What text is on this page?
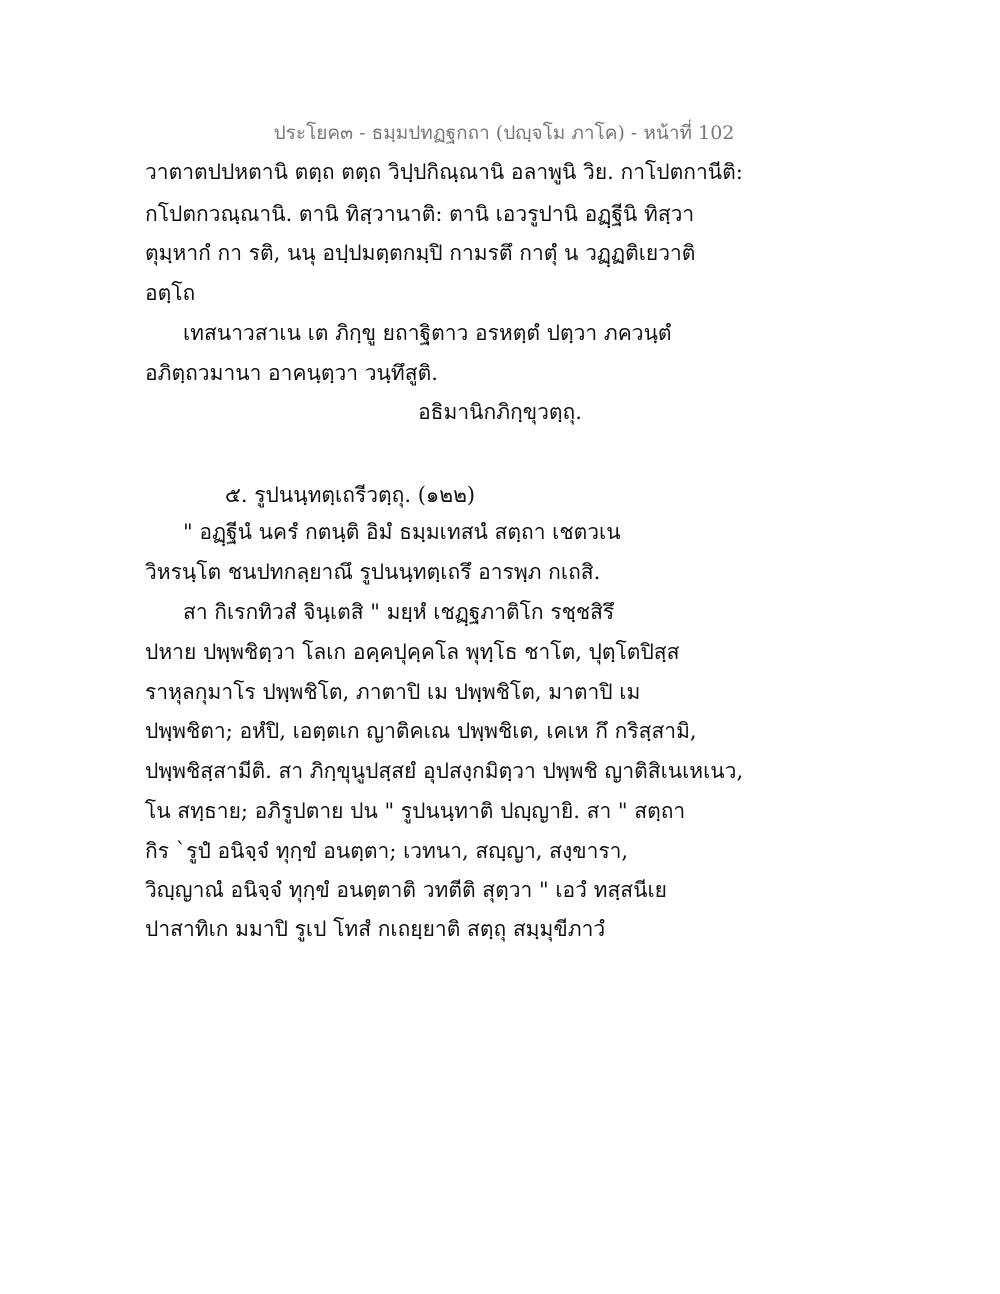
ประโยค๓ - ธมฺมปทฏฐกถา (ปญฺจโม ภาโค) - หน้าที่ 102
วาตาตปปหตานิ ตตฺถ ตตฺถ วิปฺปกิณฺณานิ อลาพูนิ วิย. กาโปตกานีติ:
กโปตกวณฺณานิ. ตานิ ทิสฺวานาติ: ตานิ เอวรูปานิ อฏฺฐีนิ ทิสฺวา
ตุมฺหากํ กา รติ, นนุ อปฺปมตฺตกมฺปิ กามรตึ กาตุํ น วฏฺฏติเยวาติ
อตฺโถ
เทสนาวสาเน เต ภิกฺขู ยถาฐิตาว อรหตฺตํ ปตฺวา ภควนฺตํ
อภิตฺถวมานา อาคนฺตฺวา วนฺทึสูติ.
อธิมานิกภิกฺขุวตฺถุ.
๕. รูปนนฺทตฺเถรีวตฺถุ. (๑๒๒)
" อฏฺฐีนํ นครํ กตนฺติ อิมํ ธมฺมเทสนํ สตฺถา เชตวเน
วิหรนฺโต ชนปทกลฺยาณึ รูปนนฺทตฺเถรึ อารพฺภ กเถสิ.
สา กิเรกทิวสํ จินฺเตสิ " มยฺหํ เชฏฺฐภาติโก รชฺชสิรึ
ปหาย ปพฺพชิตฺวา โลเก อคฺคปุคฺคโล พุทฺโธ ชาโต, ปุตฺโตปิสฺส
ราหุลกุมาโร ปพฺพชิโต, ภาตาปิ เม ปพฺพชิโต, มาตาปิ เม
ปพฺพชิตา; อหํปิ, เอตฺตเก ญาติคเณ ปพฺพชิเต, เคเห กึ กริสฺสามิ,
ปพฺพชิสฺสามีติ. สา ภิกฺขุนูปสฺสยํ อุปสงฺกมิตฺวา ปพฺพชิ ญาติสิเนเหเนว,
โน สทฺธาย; อภิรูปตาย ปน " รูปนนฺทาติ ปญฺญายิ. สา " สตฺถา
กิร `รูปํ อนิจฺจํ ทุกฺขํ อนตฺตา; เวทนา, สญฺญา, สงฺขารา,
วิญฺญาณํ อนิจฺจํ ทุกฺขํ อนตฺตาติ วทตีติ สุตฺวา " เอวํ ทสฺสนีเย
ปาสาทิเก มมาปิ รูเป โทสํ กเถยฺยาติ สตฺถุ สมฺมุขีภาวํ
